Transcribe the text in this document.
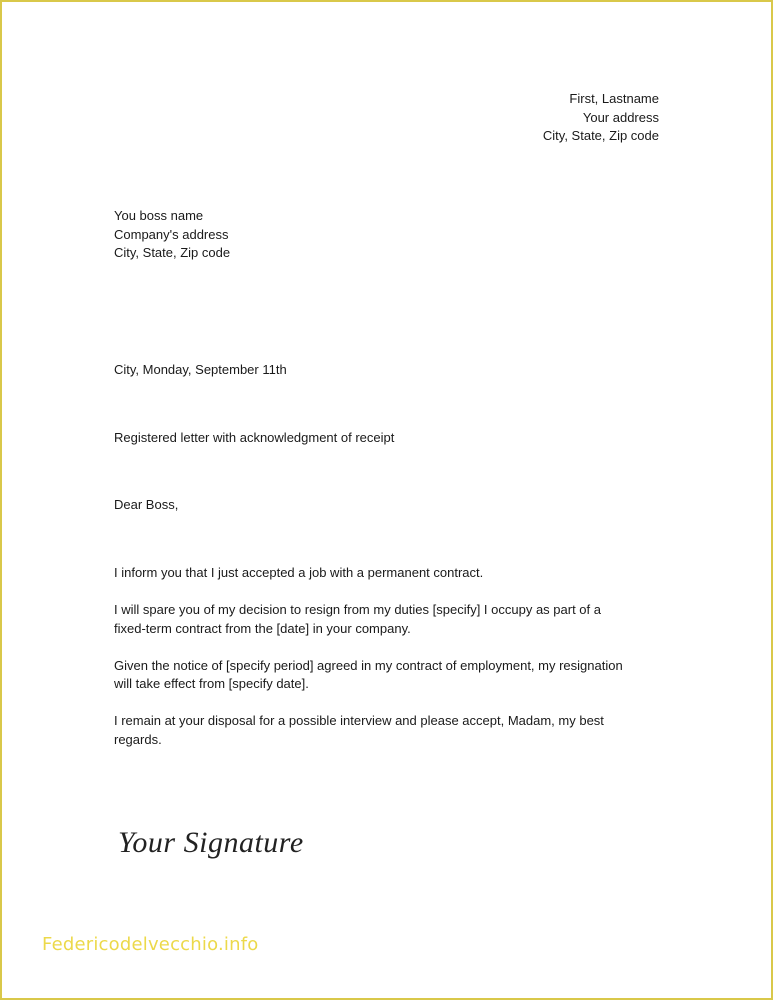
First, Lastname
Your address
City, State, Zip code
You boss name
Company's address
City, State, Zip code
City, Monday, September 11th
Registered letter with acknowledgment of receipt
Dear Boss,

I inform you that I just accepted a job with a permanent contract.

I will spare you of my decision to resign from my duties [specify] I occupy as part of a
fixed-term contract from the [date] in your company.

Given the notice of [specify period] agreed in my contract of employment, my resignation
will take effect from [specify date].

I remain at your disposal for a possible interview and please accept, Madam, my best
regards.

Your Signature
Federicodelvecchio.info
